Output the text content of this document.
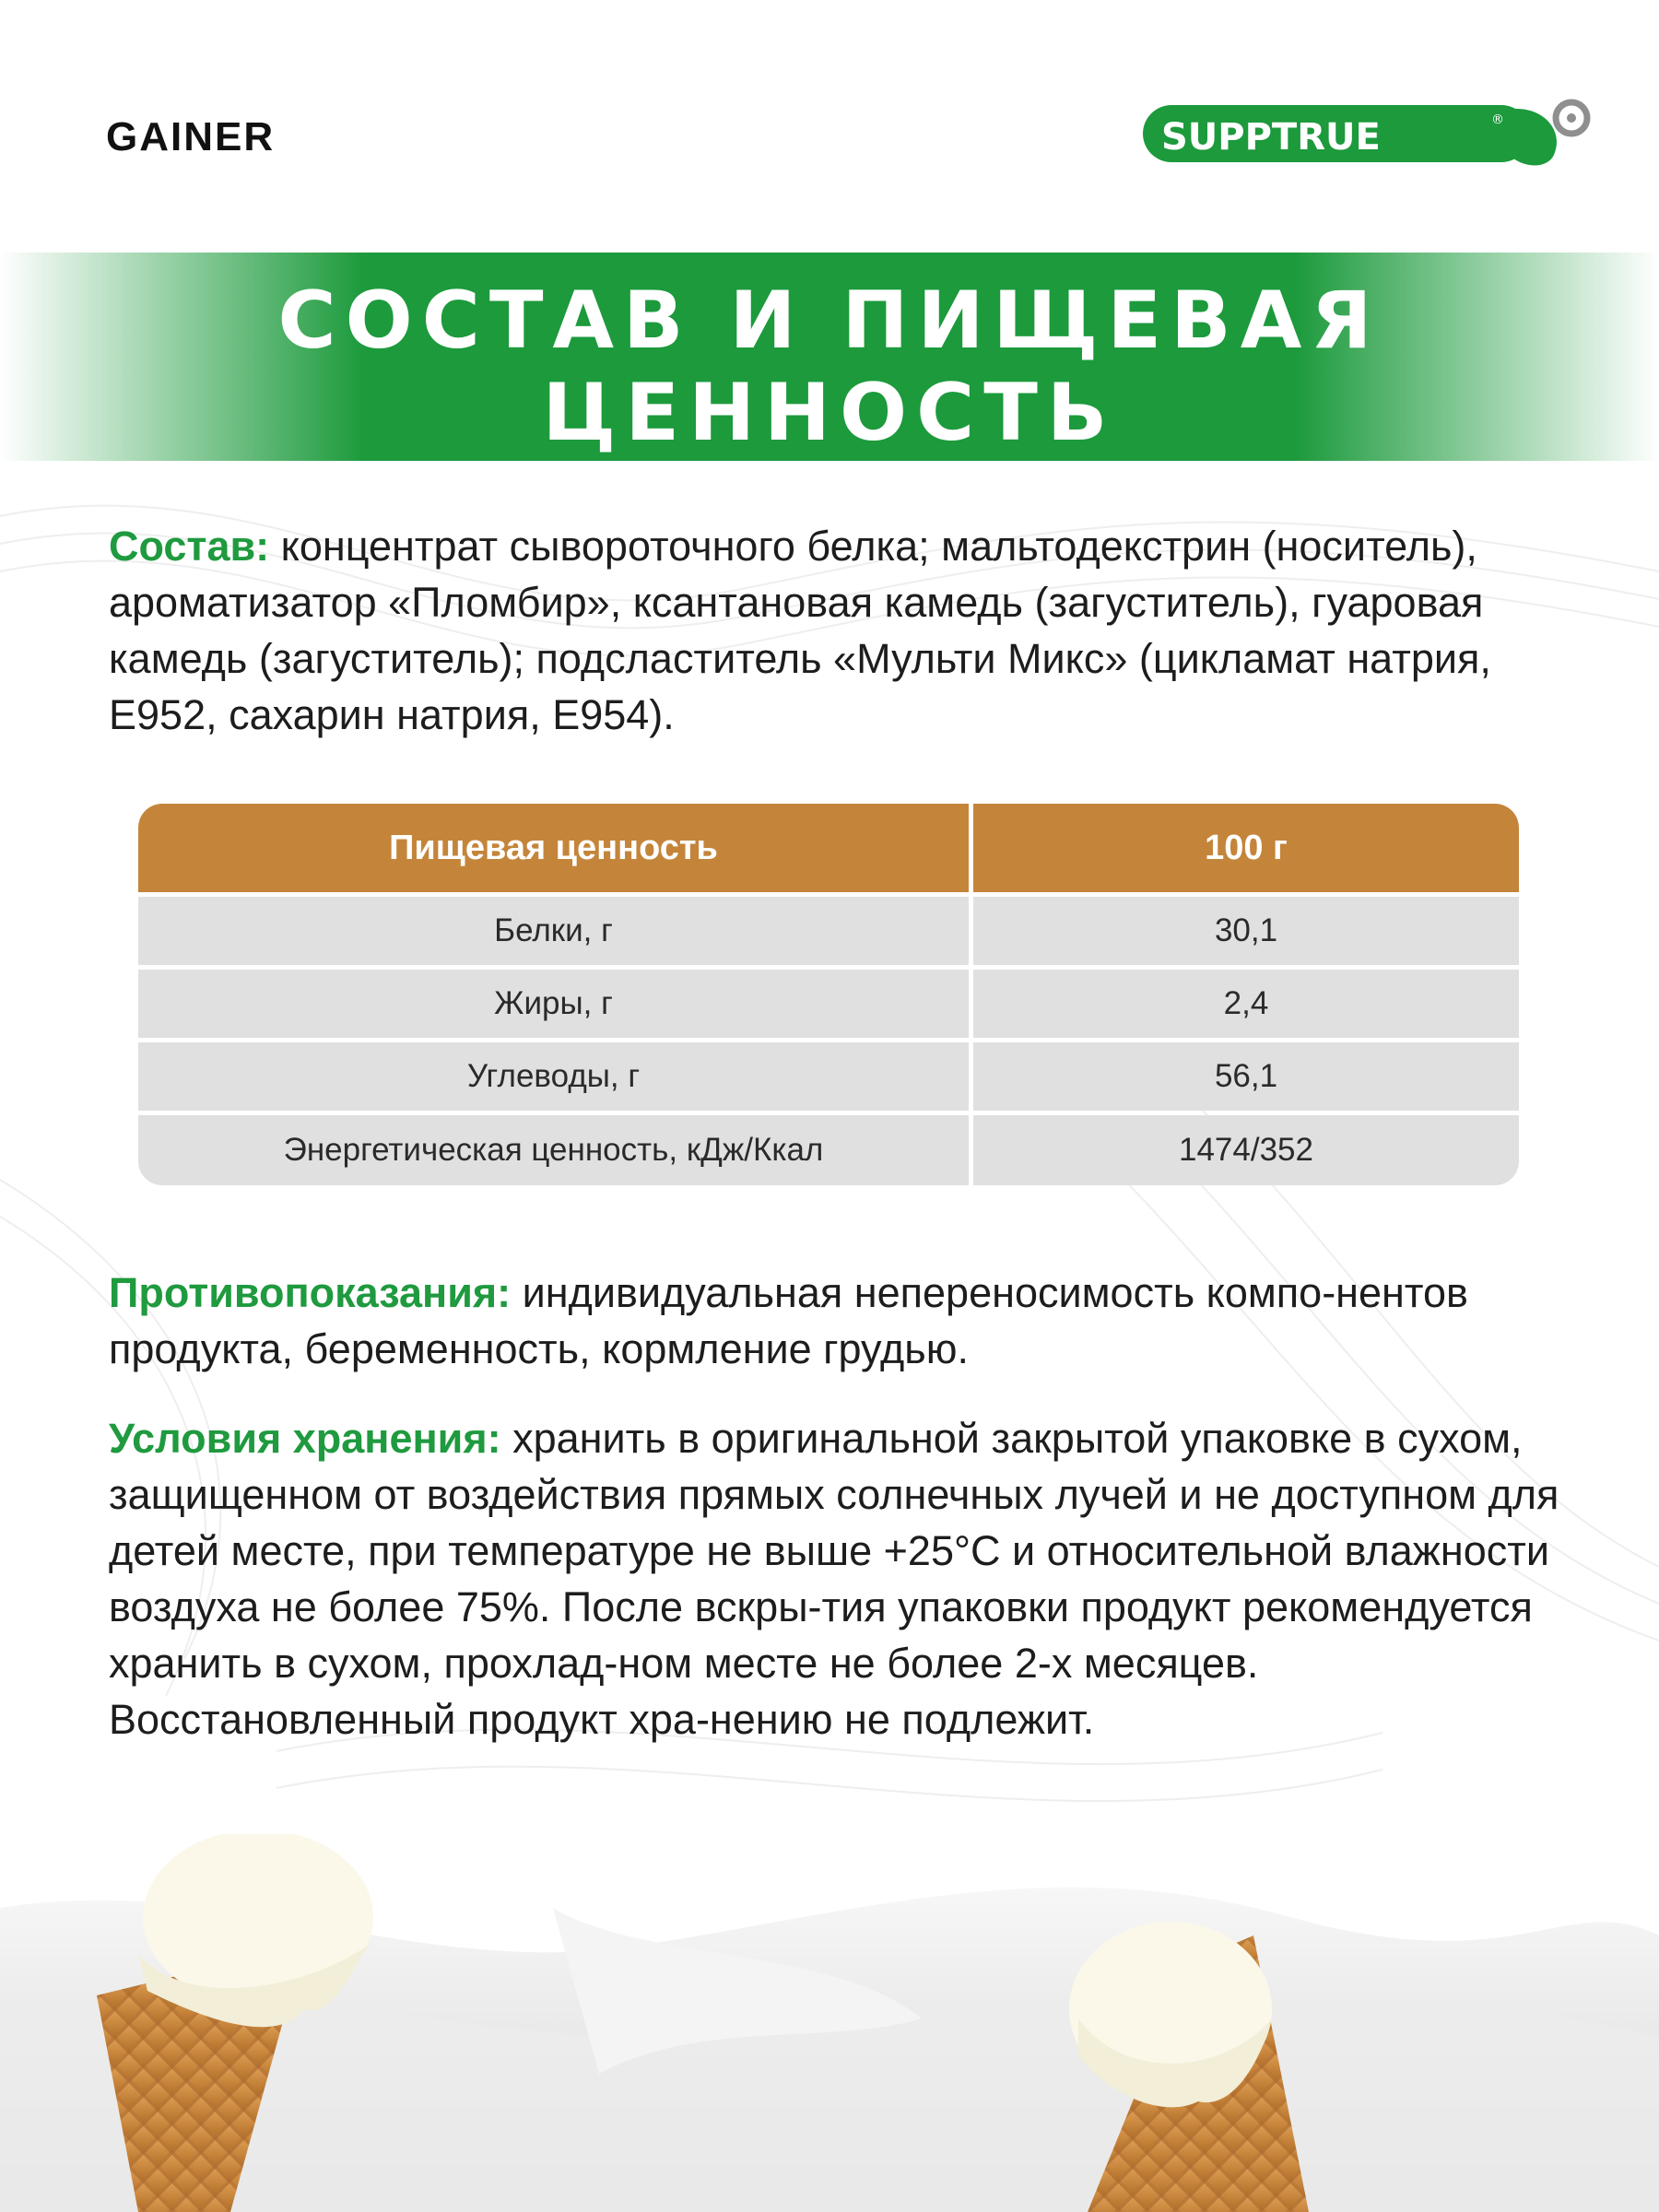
GAINER	SUPPTRUE	®
СОСТАВ И ПИЩЕВАЯ
ЦЕННОСТЬ
Состав: концентрат сывороточного белка; мальтодекстрин (носитель), ароматизатор «Пломбир», ксантановая камедь (загуститель), гуаровая камедь (загуститель); подсластитель «Мульти Микс» (цикламат натрия, Е952, сахарин натрия, Е954).
Пищевая ценность	100 г
Белки, г	30,1
Жиры, г	2,4
Углеводы, г	56,1
Энергетическая ценность, кДж/Ккал	1474/352
Противопоказания: индивидуальная непереносимость компо-нентов продукта, беременность, кормление грудью.
Условия хранения: хранить в оригинальной закрытой упаковке в сухом, защищенном от воздействия прямых солнечных лучей и не доступном для детей месте, при температуре не выше +25°С и относительной влажности воздуха не более 75%. После вскры-тия упаковки продукт рекомендуется хранить в сухом, прохлад-ном месте не более 2-х месяцев. Восстановленный продукт хра-нению не подлежит.
